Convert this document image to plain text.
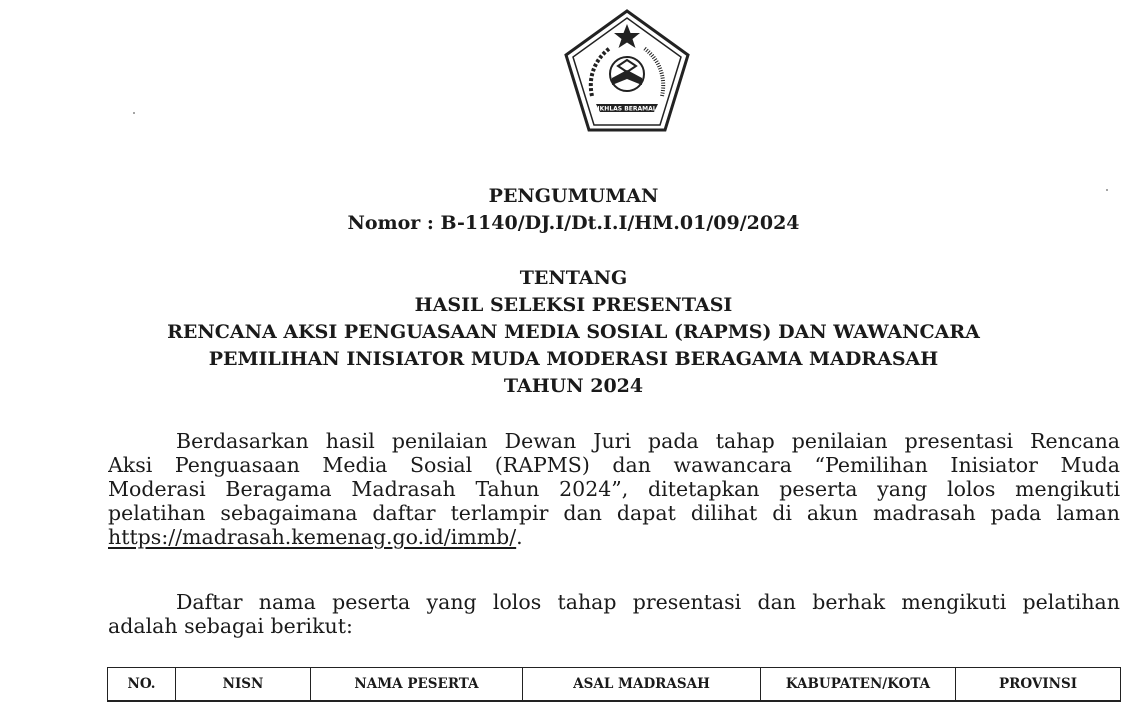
IKHLAS BERAMAL
PENGUMUMAN
Nomor : B-1140/DJ.I/Dt.I.I/HM.01/09/2024
TENTANG
HASIL SELEKSI PRESENTASI
RENCANA AKSI PENGUASAAN MEDIA SOSIAL (RAPMS) DAN WAWANCARA
PEMILIHAN INISIATOR MUDA MODERASI BERAGAMA MADRASAH
TAHUN 2024
Berdasarkan hasil penilaian Dewan Juri pada tahap penilaian presentasi Rencana
Aksi Penguasaan Media Sosial (RAPMS) dan wawancara “Pemilihan Inisiator Muda
Moderasi Beragama Madrasah Tahun 2024”, ditetapkan peserta yang lolos mengikuti
pelatihan sebagaimana daftar terlampir dan dapat dilihat di akun madrasah pada laman
https://madrasah.kemenag.go.id/immb/.
Daftar nama peserta yang lolos tahap presentasi dan berhak mengikuti pelatihan
adalah sebagai berikut:
NO.	NISN	NAMA PESERTA	ASAL MADRASAH	KABUPATEN/KOTA	PROVINSI
